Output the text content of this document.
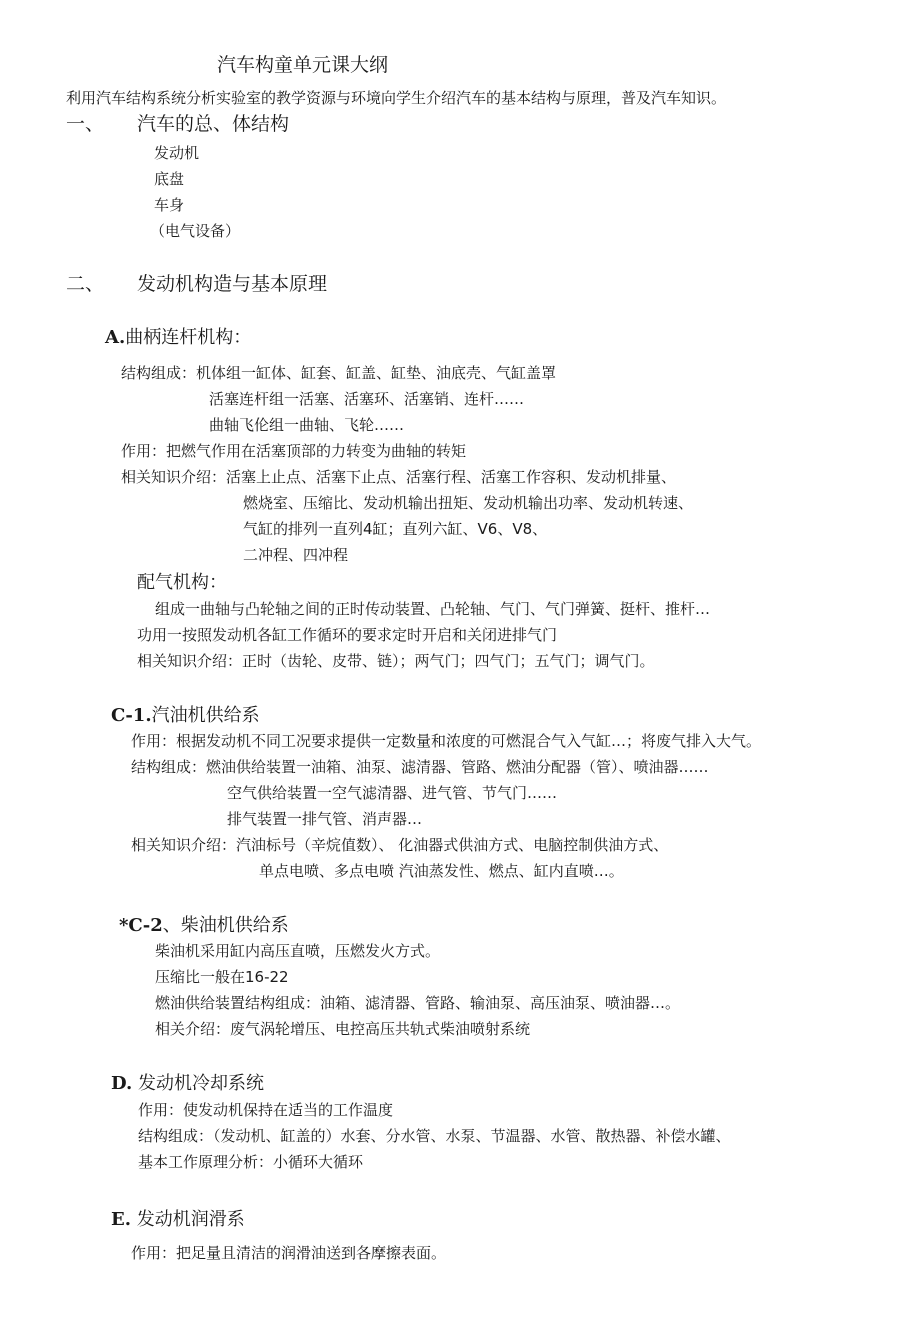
汽车构童单元课大纲
利用汽车结构系统分析实验室的教学资源与环境向学生介绍汽车的基本结构与原理，普及汽车知识。
一、 汽车的总、体结构
发动机
底盘
车身
（电气设备）
二、 发动机构造与基本原理
A.曲柄连杆机构：
结构组成：机体组一缸体、缸套、缸盖、缸垫、油底壳、气缸盖罩
活塞连杆组一活塞、活塞环、活塞销、连杆……
曲轴飞伦组一曲轴、飞轮……
作用：把燃气作用在活塞顶部的力转变为曲轴的转矩
相关知识介绍：活塞上止点、活塞下止点、活塞行程、活塞工作容积、发动机排量、
燃烧室、压缩比、发动机输出扭矩、发动机输出功率、发动机转速、
气缸的排列一直列4缸；直列六缸、V6、V8、
二冲程、四冲程
配气机构：
组成一曲轴与凸轮轴之间的正时传动装置、凸轮轴、气门、气门弹簧、挺杆、推杆…
功用一按照发动机各缸工作循环的要求定时开启和关闭进排气门
相关知识介绍：正时（齿轮、皮带、链）；两气门；四气门；五气门；调气门。
C-1.汽油机供给系
作用：根据发动机不同工况要求提供一定数量和浓度的可燃混合气入气缸…；将废气排入大气。
结构组成：燃油供给装置一油箱、油泵、滤清器、管路、燃油分配器（管）、喷油器……
空气供给装置一空气滤清器、进气管、节气门……
排气装置一排气管、消声器…
相关知识介绍：汽油标号（辛烷值数）、 化油器式供油方式、电脑控制供油方式、
单点电喷、多点电喷 汽油蒸发性、燃点、缸内直喷…。
*C-2、柴油机供给系
柴油机采用缸内高压直喷，压燃发火方式。
压缩比一般在16-22
燃油供给装置结构组成：油箱、滤清器、管路、输油泵、高压油泵、喷油器…。
相关介绍：废气涡轮增压、电控高压共轨式柴油喷射系统
D. 发动机冷却系统
作用：使发动机保持在适当的工作温度
结构组成：（发动机、缸盖的）水套、分水管、水泵、节温器、水管、散热器、补偿水罐、
基本工作原理分析：小循环大循环
E. 发动机润滑系
作用：把足量且清洁的润滑油送到各摩擦表面。
